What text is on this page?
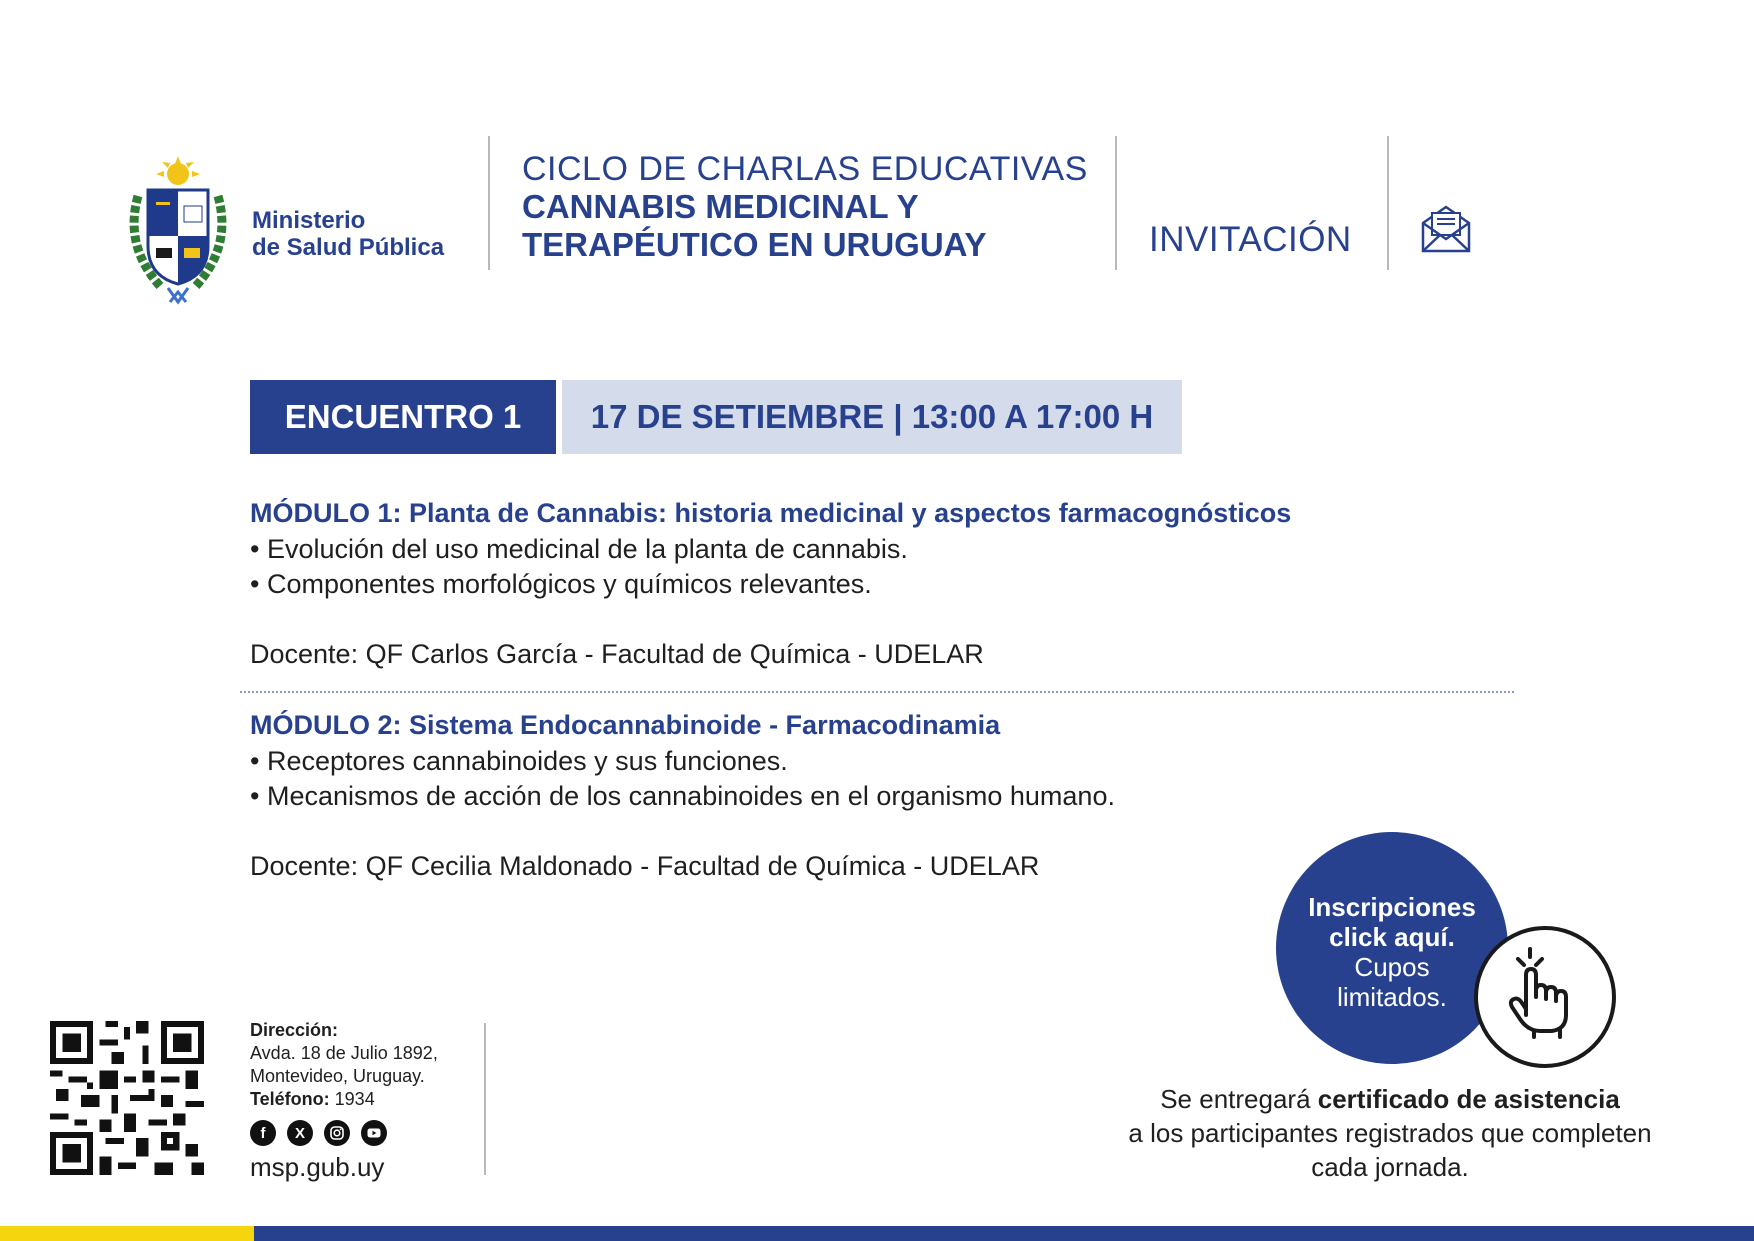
Ministerio
de Salud Pública
CICLO DE CHARLAS EDUCATIVAS
CANNABIS MEDICINAL Y
TERAPÉUTICO EN URUGUAY	INVITACIÓN
ENCUENTRO 1	17 DE SETIEMBRE | 13:00 A 17:00 H
MÓDULO 1: Planta de Cannabis: historia medicinal y aspectos farmacognósticos
• Evolución del uso medicinal de la planta de cannabis.
• Componentes morfológicos y químicos relevantes.
Docente: QF Carlos García - Facultad de Química - UDELAR
MÓDULO 2: Sistema Endocannabinoide - Farmacodinamia
• Receptores cannabinoides y sus funciones.
• Mecanismos de acción de los cannabinoides en el organismo humano.
Docente: QF Cecilia Maldonado - Facultad de Química - UDELAR
Inscripciones
click aquí.
Cupos
limitados.
Se entregará certificado de asistencia
a los participantes registrados que completen
cada jornada.
Dirección:
Avda. 18 de Julio 1892,
Montevideo, Uruguay.
Teléfono: 1934
f	X
msp.gub.uy
